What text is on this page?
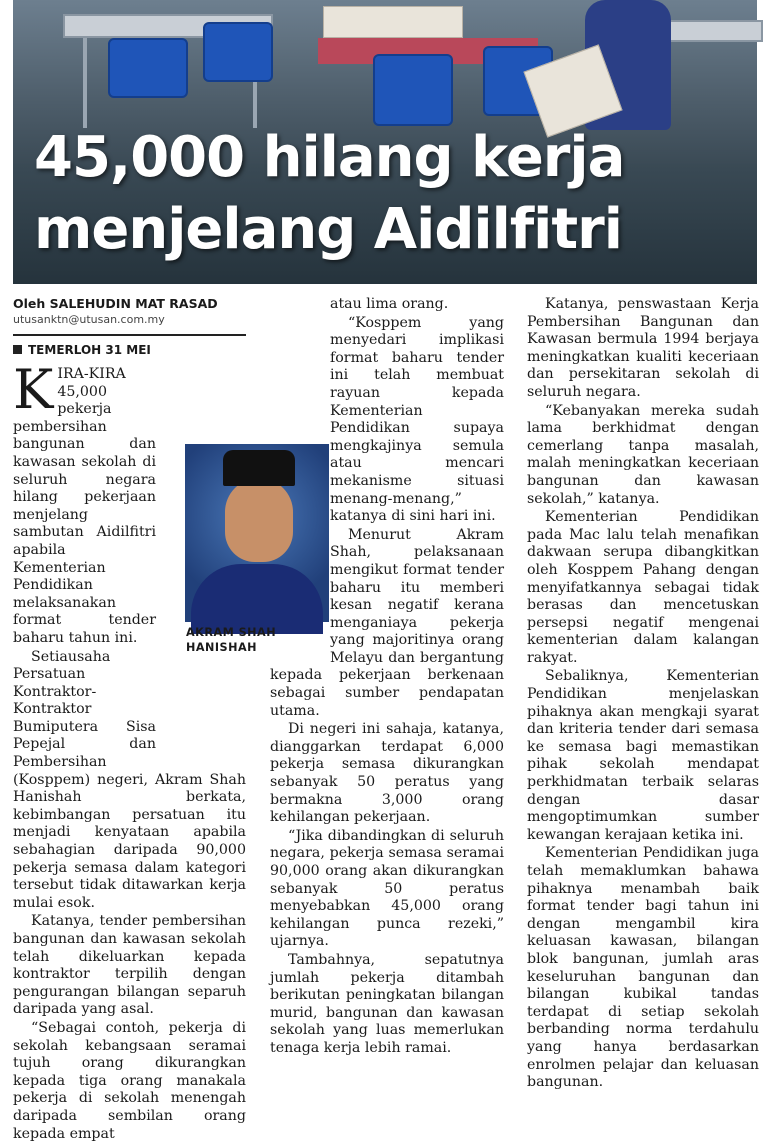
45,000 hilang kerja
menjelang Aidilfitri
Oleh SALEHUDIN MAT RASAD
utusanktn@utusan.com.my
TEMERLOH 31 MEI

KIRA-KIRA 45,000 pekerja pembersihan bangunan dan kawasan sekolah di seluruh negara hilang pekerjaan menjelang sambutan Aidilfitri apabila Kementerian Pendidikan melaksanakan format tender baharu tahun ini.

Setiausaha Persatuan Kontraktor-Kontraktor Bumiputera Sisa Pepejal dan Pembersihan (Kosppem) negeri, Akram Shah Hanishah berkata, kebimbangan persatuan itu menjadi kenyataan apabila sebahagian daripada 90,000 pekerja semasa dalam kategori tersebut tidak ditawarkan kerja mulai esok.

Katanya, tender pembersihan bangunan dan kawasan sekolah telah dikeluarkan kepada kontraktor terpilih dengan pengurangan bilangan separuh daripada yang asal.

“Sebagai contoh, pekerja di sekolah kebangsaan seramai tujuh orang dikurangkan kepada tiga orang manakala pekerja di sekolah menengah daripada sembilan orang kepada empat

AKRAM SHAH
HANISHAH

atau lima orang.

“Kosppem yang menyedari implikasi format baharu tender ini telah membuat rayuan kepada Kementerian Pendidikan supaya mengkajinya semula atau mencari mekanisme situasi menang-menang,” katanya di sini hari ini.

Menurut Akram Shah, pelaksanaan mengikut format tender baharu itu memberi kesan negatif kerana menganiaya pekerja yang majoritinya orang Melayu dan bergantung kepada pekerjaan berkenaan sebagai sumber pendapatan utama.

Di negeri ini sahaja, katanya, dianggarkan terdapat 6,000 pekerja semasa dikurangkan sebanyak 50 peratus yang bermakna 3,000 orang kehilangan pekerjaan.

“Jika dibandingkan di seluruh negara, pekerja semasa seramai 90,000 orang akan dikurangkan sebanyak 50 peratus menyebabkan 45,000 orang kehilangan punca rezeki,” ujarnya.

Tambahnya, sepatutnya jumlah pekerja ditambah berikutan peningkatan bilangan murid, bangunan dan kawasan sekolah yang luas memerlukan tenaga kerja lebih ramai.

Katanya, penswastaan Kerja Pembersihan Bangunan dan Kawasan bermula 1994 berjaya meningkatkan kualiti keceriaan dan persekitaran sekolah di seluruh negara.

“Kebanyakan mereka sudah lama berkhidmat dengan cemerlang tanpa masalah, malah meningkatkan keceriaan bangunan dan kawasan sekolah,” katanya.

Kementerian Pendidikan pada Mac lalu telah menafikan dakwaan serupa dibangkitkan oleh Kosppem Pahang dengan menyifatkannya sebagai tidak berasas dan mencetuskan persepsi negatif mengenai kementerian dalam kalangan rakyat.

Sebaliknya, Kementerian Pendidikan menjelaskan pihaknya akan mengkaji syarat dan kriteria tender dari semasa ke semasa bagi memastikan pihak sekolah mendapat perkhidmatan terbaik selaras dengan dasar mengoptimumkan sumber kewangan kerajaan ketika ini.

Kementerian Pendidikan juga telah memaklumkan bahawa pihaknya menambah baik format tender bagi tahun ini dengan mengambil kira keluasan kawasan, bilangan blok bangunan, jumlah aras keseluruhan bangunan dan bilangan kubikal tandas terdapat di setiap sekolah berbanding norma terdahulu yang hanya berdasarkan enrolmen pelajar dan keluasan bangunan.
